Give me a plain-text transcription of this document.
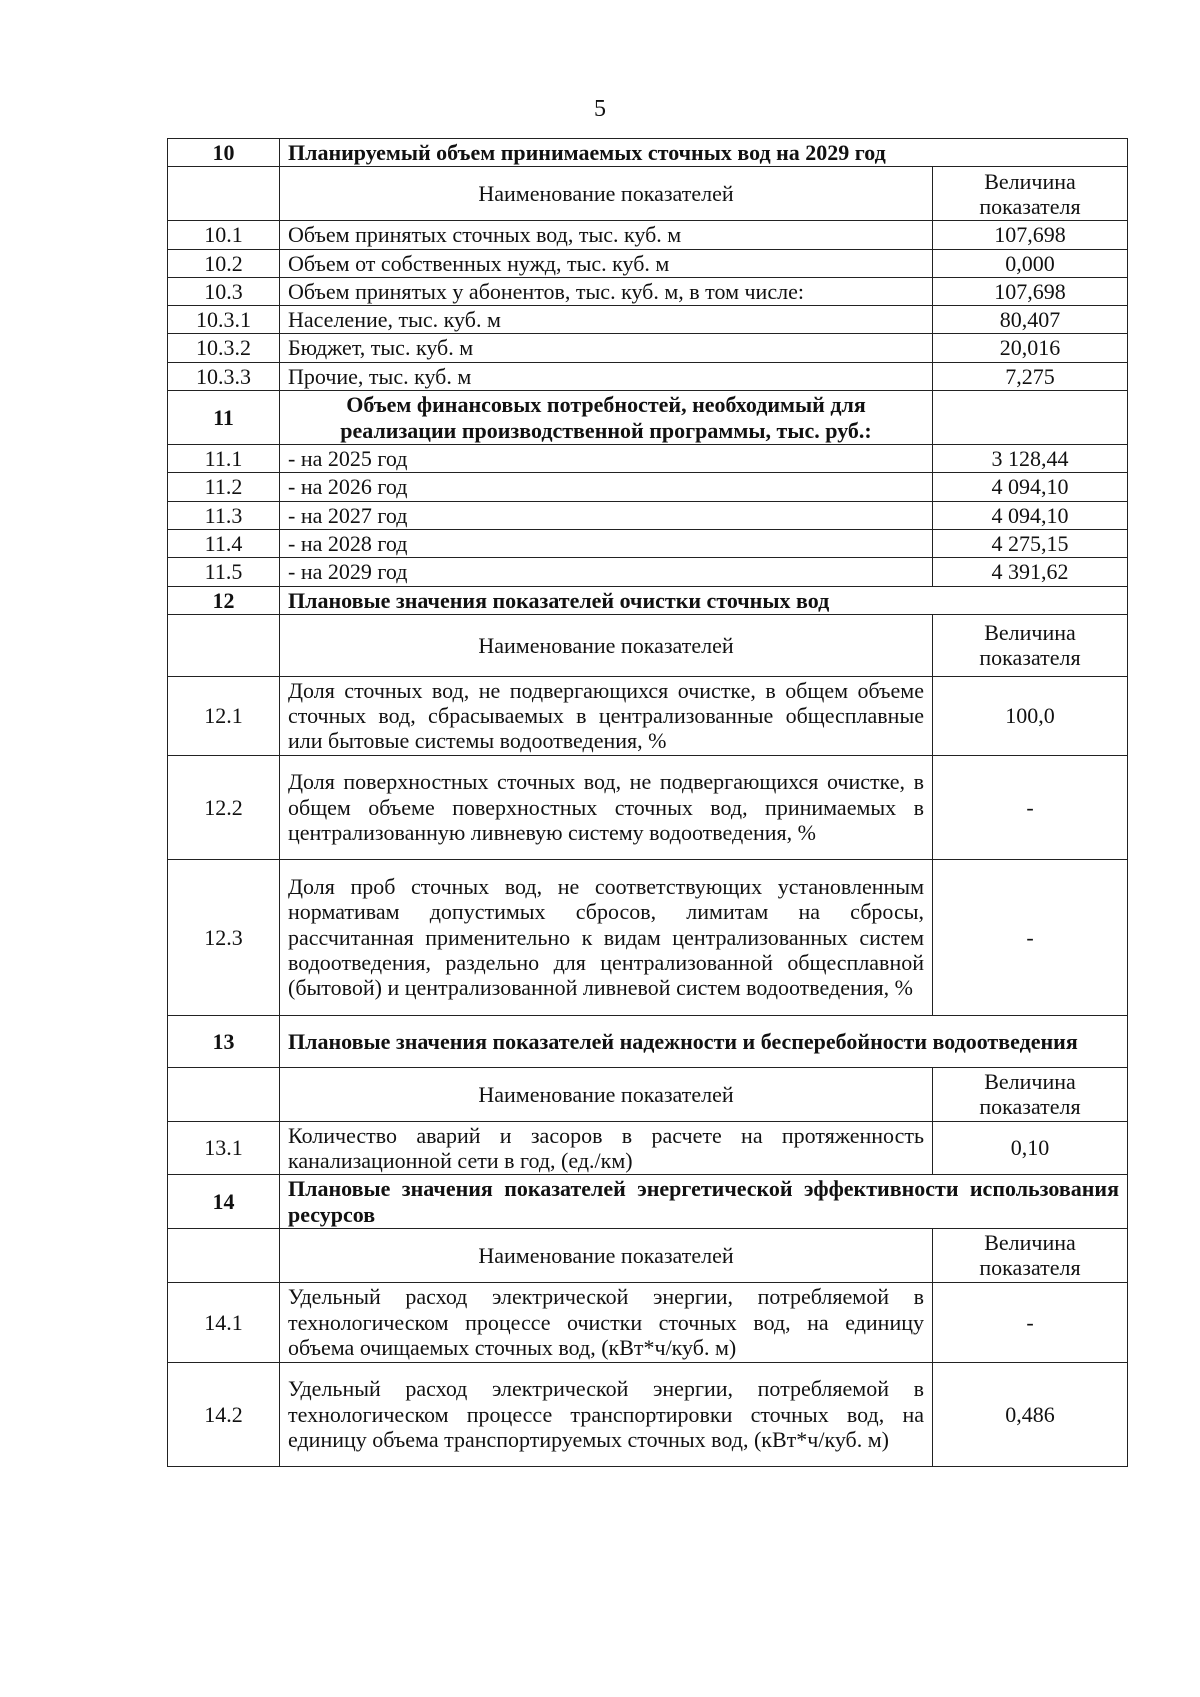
5
10	Планируемый объем принимаемых сточных вод на 2029 год	
	Наименование показателей	Величина показателя
10.1	Объем принятых сточных вод, тыс. куб. м	107,698
10.2	Объем от собственных нужд, тыс. куб. м	0,000
10.3	Объем принятых у абонентов, тыс. куб. м, в том числе:	107,698
10.3.1	Население, тыс. куб. м	80,407
10.3.2	Бюджет, тыс. куб. м	20,016
10.3.3	Прочие, тыс. куб. м	7,275
11	Объем финансовых потребностей, необходимый для реализации производственной программы, тыс. руб.:	
11.1	- на 2025 год	3 128,44
11.2	- на 2026 год	4 094,10
11.3	- на 2027 год	4 094,10
11.4	- на 2028 год	4 275,15
11.5	- на 2029 год	4 391,62
12	Плановые значения показателей очистки сточных вод	
	Наименование показателей	Величина показателя
12.1	Доля сточных вод, не подвергающихся очистке, в общем объеме сточных вод, сбрасываемых в централизованные общесплавные или бытовые системы водоотведения, %	100,0
12.2	Доля поверхностных сточных вод, не подвергающихся очистке, в общем объеме поверхностных сточных вод, принимаемых в централизованную ливневую систему водоотведения, %	-
12.3	Доля проб сточных вод, не соответствующих установленным нормативам допустимых сбросов, лимитам на сбросы, рассчитанная применительно к видам централизованных систем водоотведения, раздельно для централизованной общесплавной (бытовой) и централизованной ливневой систем водоотведения, %	-
13	Плановые значения показателей надежности и бесперебойности водоотведения	
	Наименование показателей	Величина показателя
13.1	Количество аварий и засоров в расчете на протяженность канализационной сети в год, (ед./км)	0,10
14	Плановые значения показателей энергетической эффективности использования ресурсов	
	Наименование показателей	Величина показателя
14.1	Удельный расход электрической энергии, потребляемой в технологическом процессе очистки сточных вод, на единицу объема очищаемых сточных вод, (кВт*ч/куб. м)	-
14.2	Удельный расход электрической энергии, потребляемой в технологическом процессе транспортировки сточных вод, на единицу объема транспортируемых сточных вод, (кВт*ч/куб. м)	0,486
